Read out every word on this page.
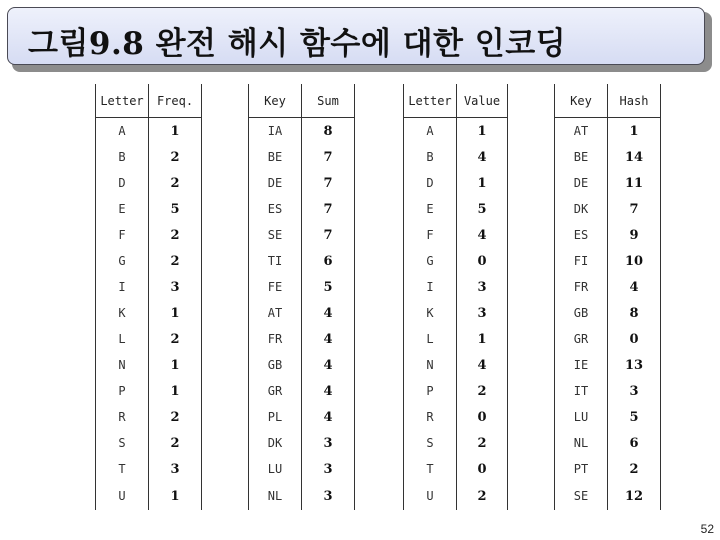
그림9.8 완전 해시 함수에 대한 인코딩
Letter	Freq.
A	1
B	2
D	2
E	5
F	2
G	2
I	3
K	1
L	2
N	1
P	1
R	2
S	2
T	3
U	1
Key	Sum
IA	8
BE	7
DE	7
ES	7
SE	7
TI	6
FE	5
AT	4
FR	4
GB	4
GR	4
PL	4
DK	3
LU	3
NL	3
Letter	Value
A	1
B	4
D	1
E	5
F	4
G	0
I	3
K	3
L	1
N	4
P	2
R	0
S	2
T	0
U	2
Key	Hash
AT	1
BE	14
DE	11
DK	7
ES	9
FI	10
FR	4
GB	8
GR	0
IE	13
IT	3
LU	5
NL	6
PT	2
SE	12
52
